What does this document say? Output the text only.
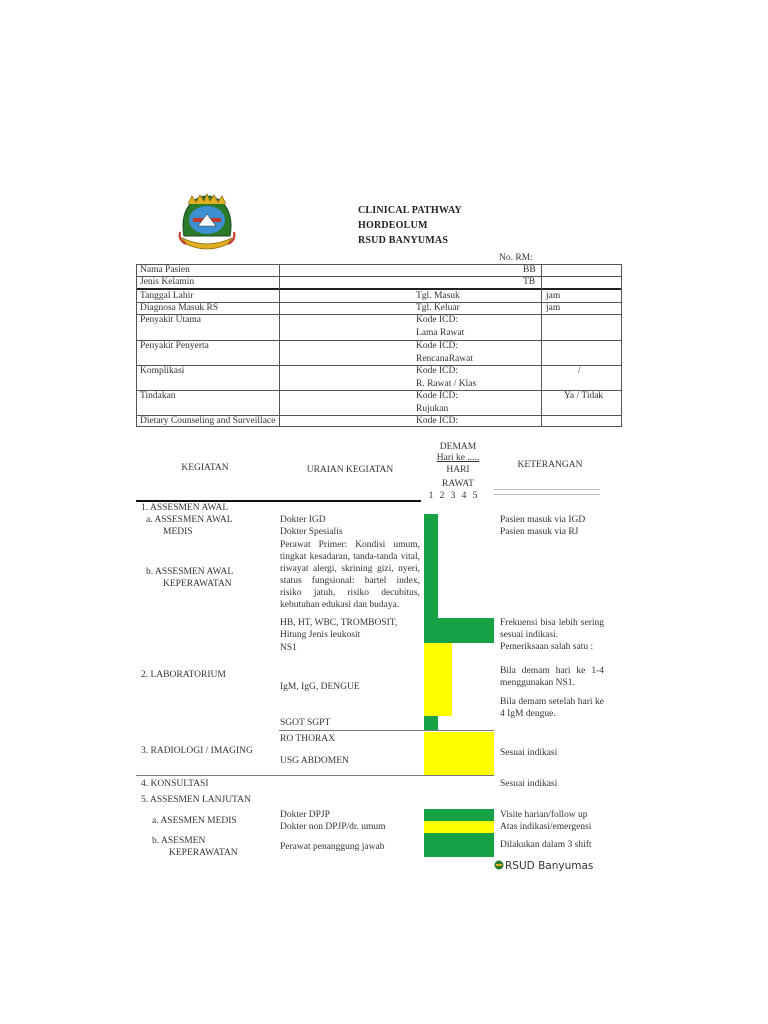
CLINICAL PATHWAY
HORDEOLUM
RSUD BANYUMAS
No. RM:
BB
TB
Nama Pasien
Jenis Kelamin
Tanggal Lahir
Diagnosa Masuk RS
Penyakit Utama
Penyakit Penyerta
Komplikasi
Tindakan
Dietary Counseling and Surveillace
Tgl. Masuk
Tgl. Keluar
Kode ICD:
Lama Rawat
Kode ICD:
RencanaRawat
Kode ICD:
R. Rawat / Klas
Kode ICD:
Rujukan
Kode ICD:
jam
jam
/
Ya / Tidak
KEGIATAN	URAIAN KEGIATAN
DEMAM
Hari ke .....
HARI
RAWAT
1 2 3 4 5
KETERANGAN
1. ASSESMEN AWAL
a. ASSESMEN AWAL
MEDIS
b. ASSESMEN AWAL
KEPERAWATAN
2. LABORATORIUM
3. RADIOLOGI / IMAGING
4. KONSULTASI
5. ASSESMEN LANJUTAN
a. ASESMEN MEDIS
b. ASESMEN
KEPERAWATAN
Dokter IGD
Dokter Spesialis
Perawat Primer: Kondisi umum, tingkat kesadaran, tanda-tanda vital, riwayat alergi, skrining gizi, nyeri, status fungsional: bartel index, risiko jatuh, risiko decubitus, kebutuhan edukasi dan budaya.
HB, HT, WBC, TROMBOSIT,
Hitung Jenis leukosit
NS1
IgM, IgG, DENGUE
SGOT SGPT
RO THORAX
USG ABDOMEN
Dokter DPJP
Dokter non DPJP/dr. umum
Perawat penanggung jawab
Pasien masuk via IGD
Pasien masuk via RJ
Frekuensi bisa lebih sering sesuai indikasi.
Pemeriksaan salah satu :
Bila demam hari ke 1-4 menggunakan NS1.
Bila demam setelah hari ke 4 IgM dengue.
Sesuai indikasi
Sesuai indikasi
Visite harian/follow up
Atas indikasi/emergensi
Dilakukan dalam 3 shift
RSUD Banyumas
